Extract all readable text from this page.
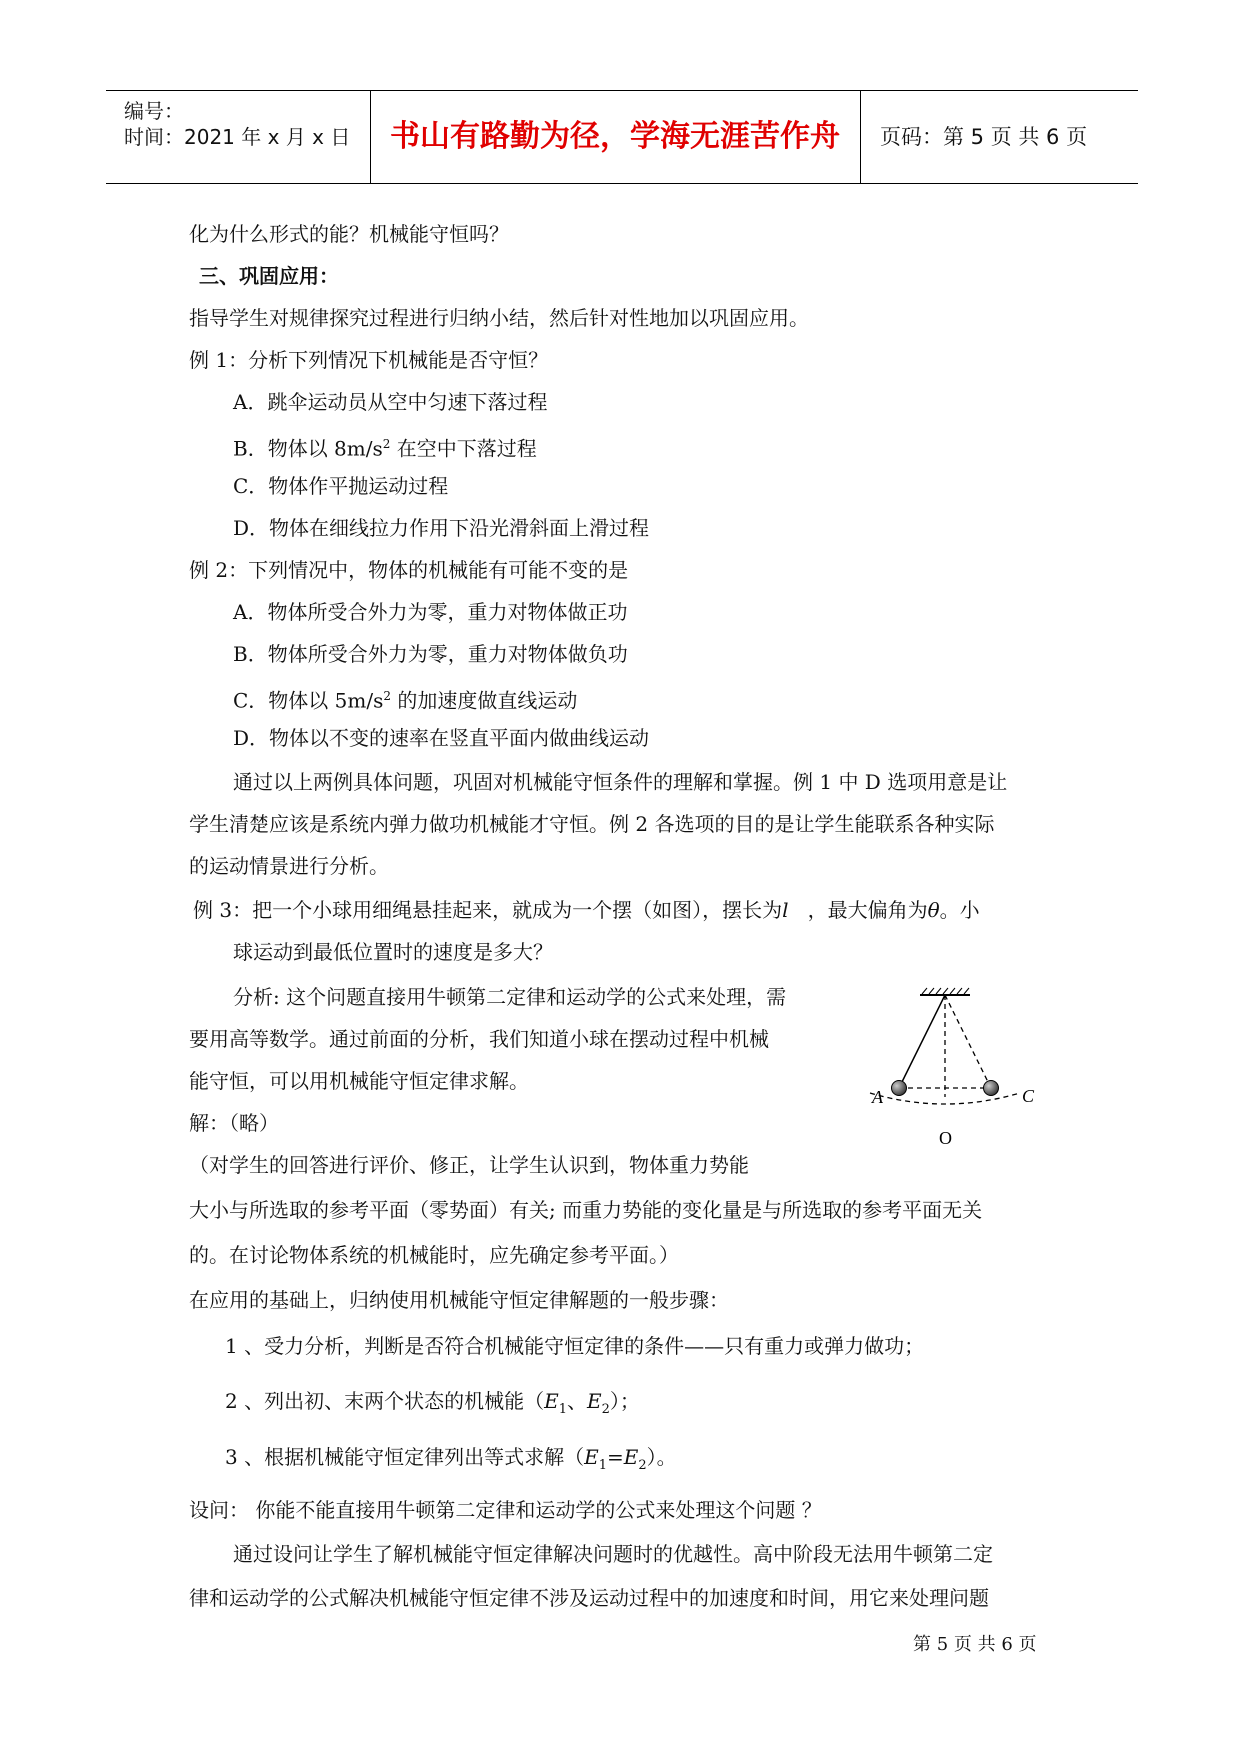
编号：
时间：2021 年 x 月 x 日	书山有路勤为径，学海无涯苦作舟	页码：第 5 页 共 6 页
化为什么形式的能？机械能守恒吗？
三、巩固应用：
指导学生对规律探究过程进行归纳小结，然后针对性地加以巩固应用。
例 1：分析下列情况下机械能是否守恒？
A．跳伞运动员从空中匀速下落过程
B．物体以 $8m/s^2$ 在空中下落过程
C．物体作平抛运动过程
D．物体在细线拉力作用下沿光滑斜面上滑过程
例 2：下列情况中，物体的机械能有可能不变的是
A．物体所受合外力为零，重力对物体做正功
B．物体所受合外力为零，重力对物体做负功
C．物体以 $5m/s^2$ 的加速度做直线运动
D．物体以不变的速率在竖直平面内做曲线运动
通过以上两例具体问题，巩固对机械能守恒条件的理解和掌握。例 1 中 D 选项用意是让
学生清楚应该是系统内弹力做功机械能才守恒。例 2 各选项的目的是让学生能联系各种实际
的运动情景进行分析。
例 3：把一个小球用细绳悬挂起来，就成为一个摆（如图），摆长为l ，最大偏角为θ。小
球运动到最低位置时的速度是多大？
分析: 这个问题直接用牛顿第二定律和运动学的公式来处理，需
要用高等数学。通过前面的分析，我们知道小球在摆动过程中机械
能守恒，可以用机械能守恒定律求解。
解：（略）
（对学生的回答进行评价、修正，让学生认识到，物体重力势能
大小与所选取的参考平面（零势面）有关; 而重力势能的变化量是与所选取的参考平面无关
的。在讨论物体系统的机械能时，应先确定参考平面。）
在应用的基础上，归纳使用机械能守恒定律解题的一般步骤：
1 、受力分析，判断是否符合机械能守恒定律的条件——只有重力或弹力做功；
2 、列出初、末两个状态的机械能（$E_1$、$E_2$）；
3 、根据机械能守恒定律列出等式求解$(E_1=E_2)$。
设问： 你能不能直接用牛顿第二定律和运动学的公式来处理这个问题 ？
通过设问让学生了解机械能守恒定律解决问题时的优越性。高中阶段无法用牛顿第二定
律和运动学的公式解决机械能守恒定律不涉及运动过程中的加速度和时间，用它来处理问题
A	C
O
第 5 页 共 6 页
